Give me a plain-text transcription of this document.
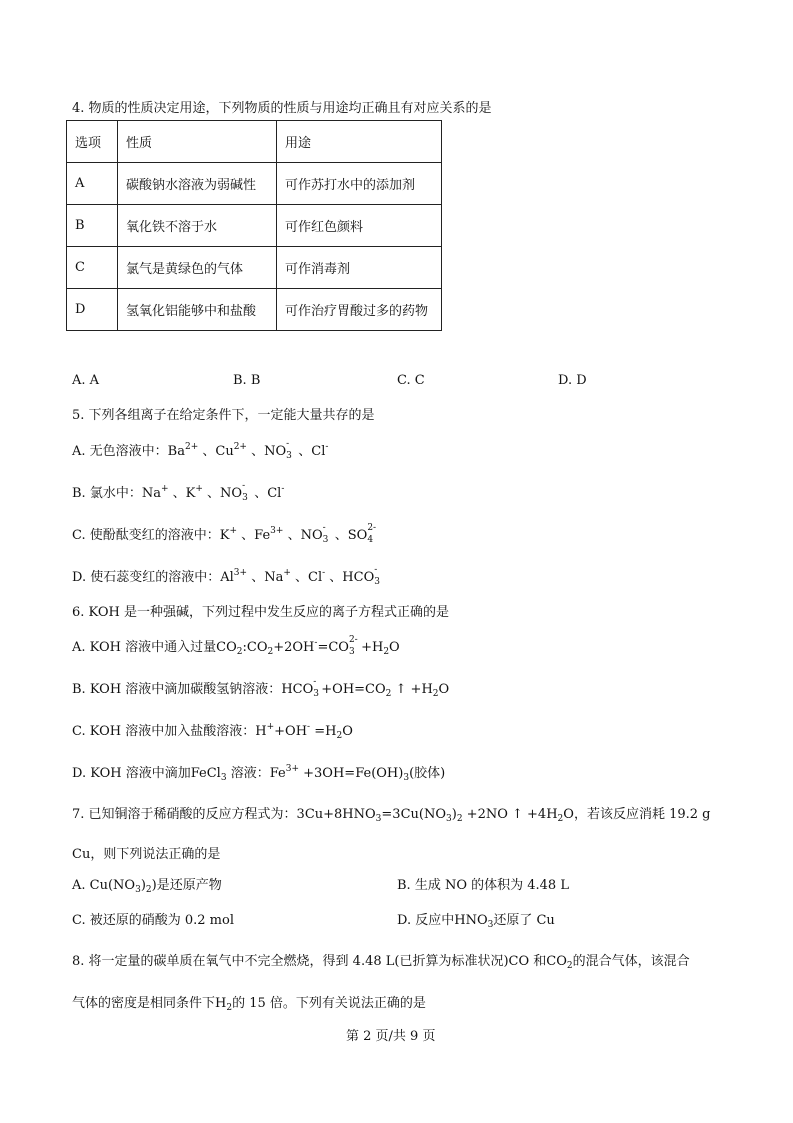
4. 物质的性质决定用途，下列物质的性质与用途均正确且有对应关系的是
选项	性质	用途
A	碳酸钠水溶液为弱碱性	可作苏打水中的添加剂
B	氧化铁不溶于水	可作红色颜料
C	氯气是黄绿色的气体	可作消毒剂
D	氢氧化铝能够中和盐酸	可作治疗胃酸过多的药物
A. A	B. B	C. C	D. D
5. 下列各组离子在给定条件下，一定能大量共存的是
A. 无色溶液中：$Ba^{2+}$ 、$Cu^{2+}$ 、NO
-
3 、Cl-
B. 氯水中：Na+ 、K+ 、NO
-
3 、Cl-
C. 使酚酞变红的溶液中：K+ 、$Fe^{3+}$ 、NO
-
3 、SO
2-
4
D. 使石蕊变红的溶液中：$Al^{3+}$ 、Na+ 、Cl- 、HCO
-
3
6. KOH 是一种强碱，下列过程中发生反应的离子方程式正确的是
A. KOH 溶液中通入过量$CO_2:CO_2+2OH^-=CO$
2-
$3 +H_2O$
B. KOH 溶液中滴加碳酸氢钠溶液：HCO
-
$3 +OH=CO_2$ ↑ $+H_2O$
C. KOH 溶液中加入盐酸溶液：$H^++OH^- =H_2O$
D. KOH 溶液中滴加FeCl$_3$ 溶液：$Fe^{3+} +3OH=Fe(OH)_3$(胶体)
7. 已知铜溶于稀硝酸的反应方程式为：$3Cu+8HNO_3=3Cu(NO_3)_2 +2NO$ ↑ $+4H_2O$，若该反应消耗 19.2 g
Cu，则下列说法正确的是
A. $Cu(NO_3)_2$)是还原产物	B. 生成 NO 的体积为 4.48 L
C. 被还原的硝酸为 0.2 mol	D. 反应中$HNO_3$还原了 Cu
8. 将一定量的碳单质在氧气中不完全燃烧，得到 4.48 L(已折算为标准状况)CO 和$CO_2$的混合气体，该混合
气体的密度是相同条件下$H_2$的 15 倍。下列有关说法正确的是
第 2 页/共 9 页
